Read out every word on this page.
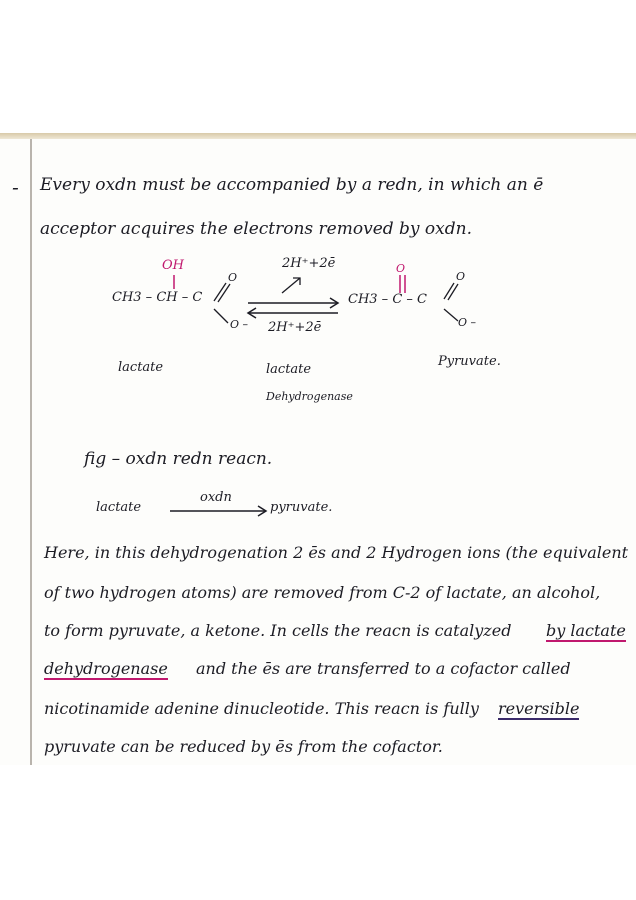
- Every oxdn must be accompanied by a redn, in which an ē
acceptor acquires the electrons removed by oxdn.
OH
CH3 – CH – C
O
O –
2H⁺+2ē
2H⁺+2ē
O
CH3 – C – C
O
O –
lactate	lactate
Dehydrogenase
Pyruvate.
fig – oxdn redn reacn.
lactate
oxdn
pyruvate.
Here, in this dehydrogenation 2 ēs and 2 Hydrogen ions (the equivalent
of two hydrogen atoms) are removed from C-2 of lactate, an alcohol,
to form pyruvate, a ketone. In cells the reacn is catalyzed by lactate
dehydrogenase and the ēs are transferred to a cofactor called
nicotinamide adenine dinucleotide. This reacn is fully reversible
pyruvate can be reduced by ēs from the cofactor.
